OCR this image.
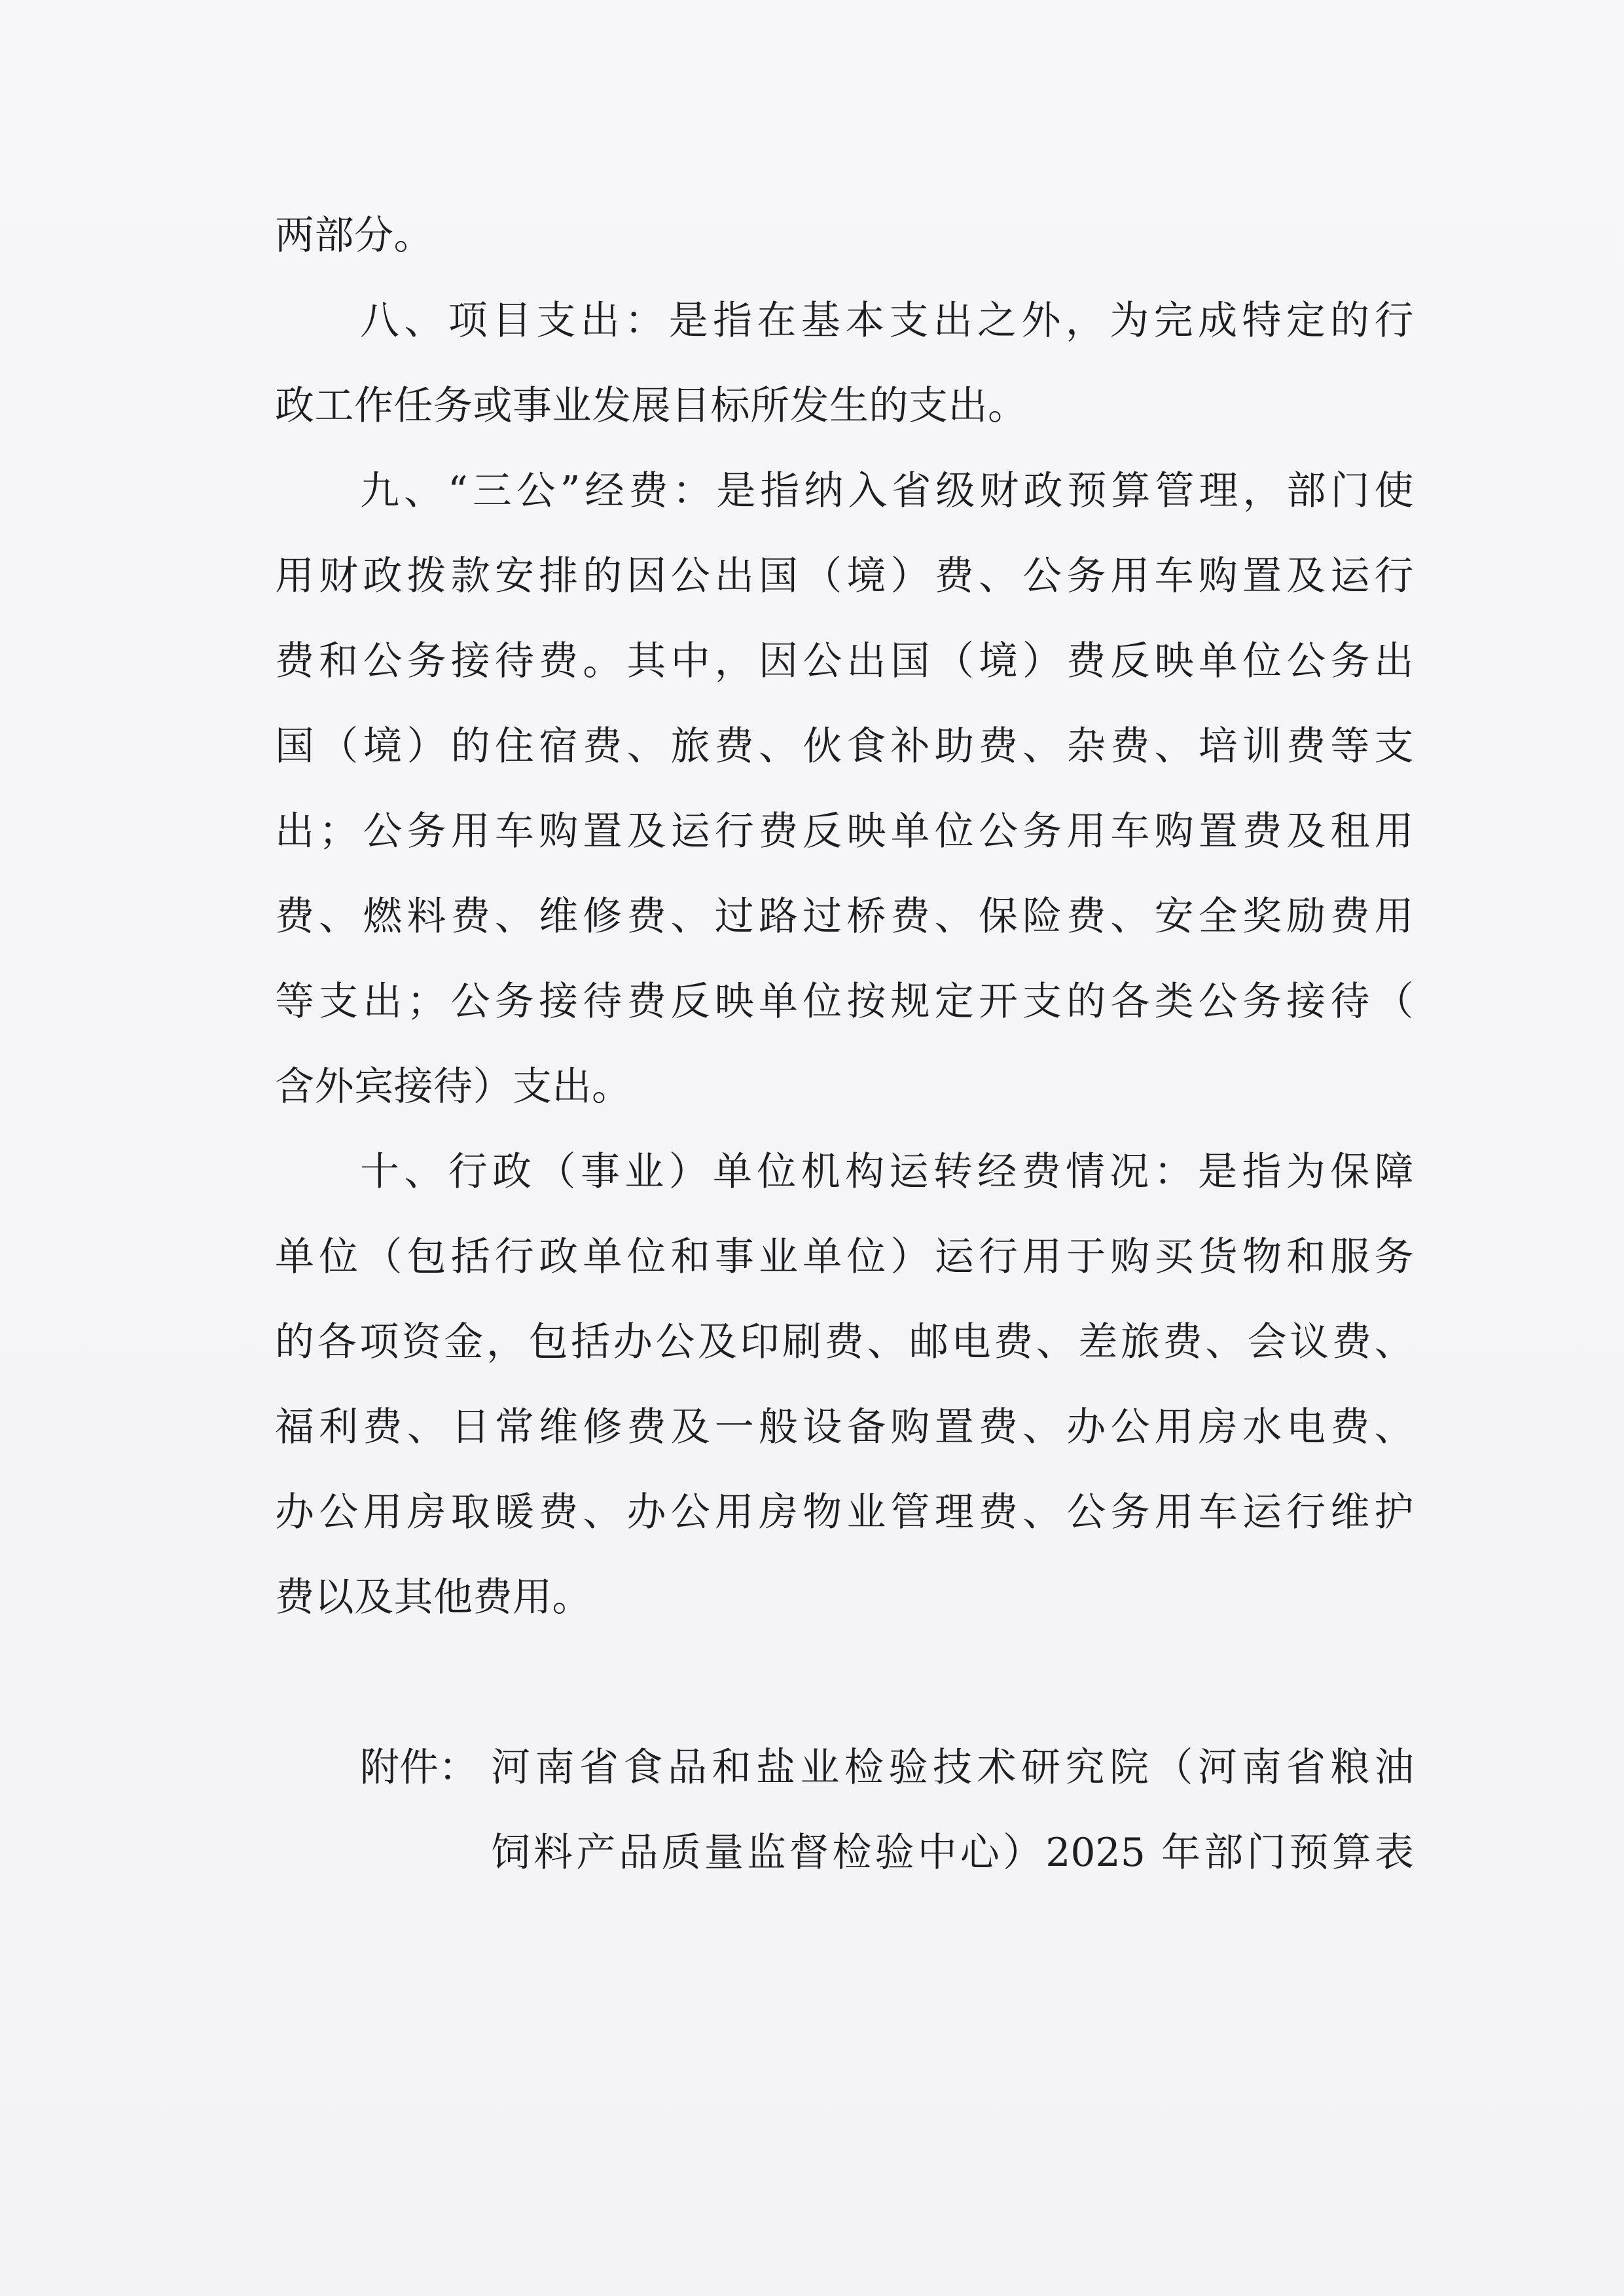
两部分。
八、项目支出：是指在基本支出之外，为完成特定的行
政工作任务或事业发展目标所发生的支出。
九、“三公”经费：是指纳入省级财政预算管理，部门使
用财政拨款安排的因公出国（境）费、公务用车购置及运行
费和公务接待费。其中，因公出国（境）费反映单位公务出
国（境）的住宿费、旅费、伙食补助费、杂费、培训费等支
出；公务用车购置及运行费反映单位公务用车购置费及租用
费、燃料费、维修费、过路过桥费、保险费、安全奖励费用
等支出；公务接待费反映单位按规定开支的各类公务接待（
含外宾接待）支出。
十、行政（事业）单位机构运转经费情况：是指为保障
单位（包括行政单位和事业单位）运行用于购买货物和服务
的各项资金，包括办公及印刷费、邮电费、差旅费、会议费、
福利费、日常维修费及一般设备购置费、办公用房水电费、
办公用房取暖费、办公用房物业管理费、公务用车运行维护
费以及其他费用。
附件： 河南省食品和盐业检验技术研究院（河南省粮油
饲料产品质量监督检验中心）2025 年部门预算表
